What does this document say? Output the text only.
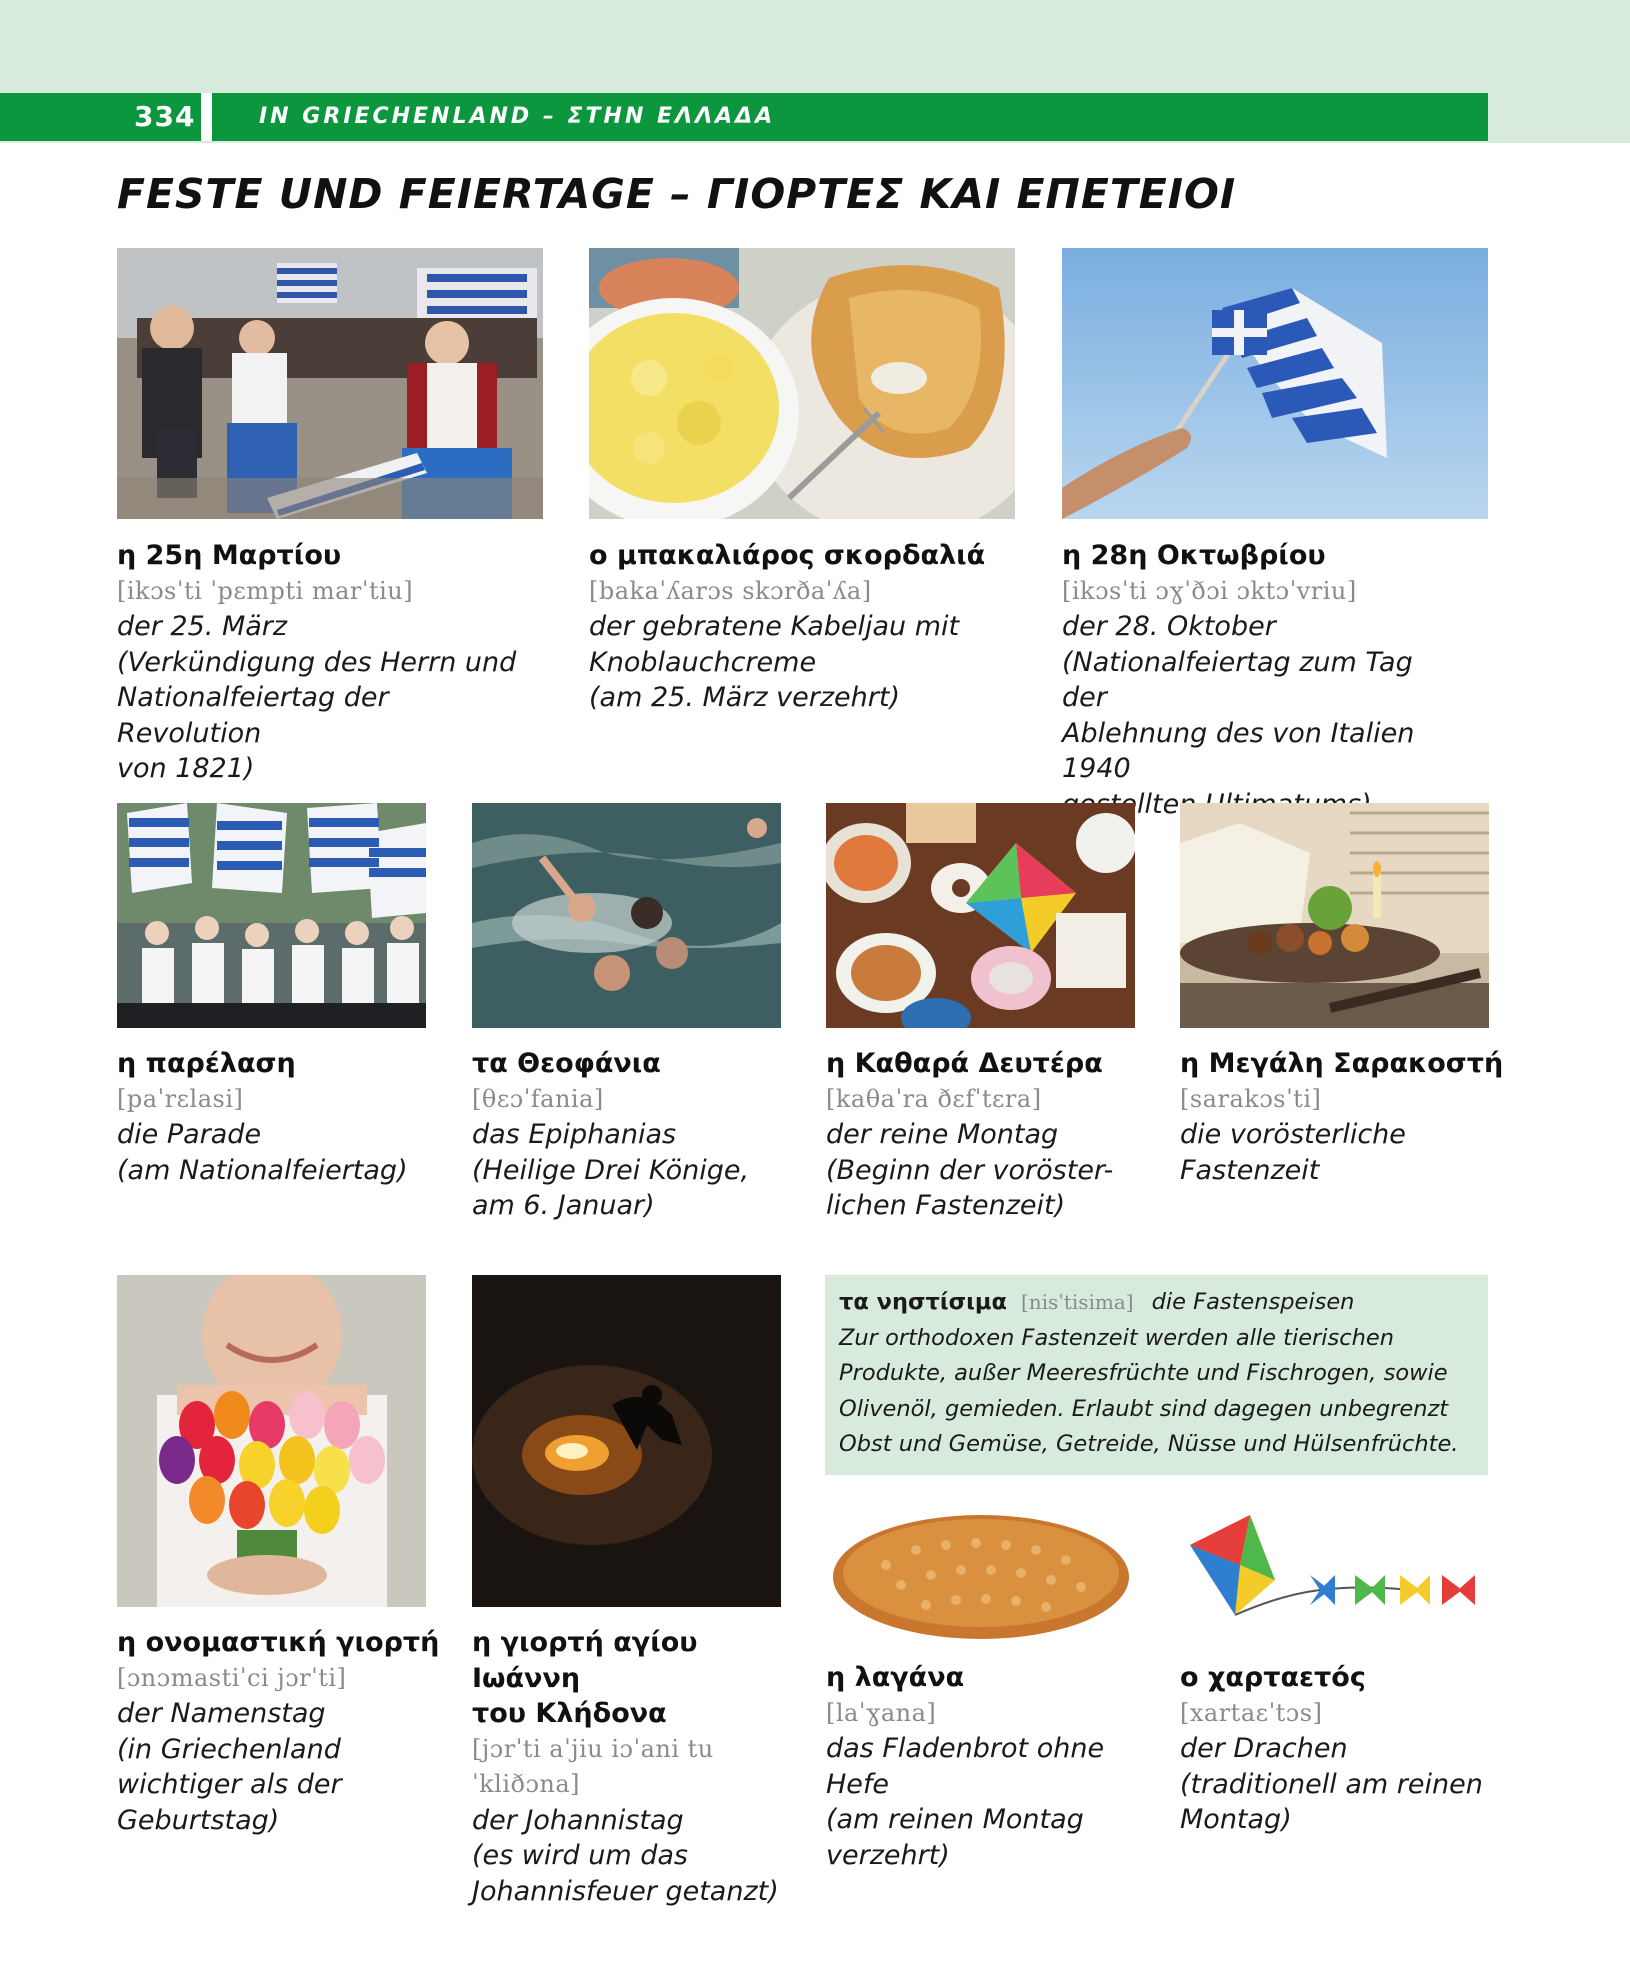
334	IN GRIECHENLAND – ΣΤΗΝ ΕΛΛΑΔΑ
FESTE UND FEIERTAGE – ΓΙΟΡΤΕΣ ΚΑΙ ΕΠΕΤΕΙΟΙ
η 25η Μαρτίου
[ikɔsˈti ˈpɛmpti marˈtiu]
der 25. März
(Verkündigung des Herrn und
Nationalfeiertag der Revolution
von 1821)
ο μπακαλιάρος σκορδαλιά
[bakaˈʎarɔs skɔrðaˈʎa]
der gebratene Kabeljau mit
Knoblauchcreme
(am 25. März verzehrt)
η 28η Οκτωβρίου
[ikɔsˈti ɔɣˈðɔi ɔktɔˈvriu]
der 28. Oktober
(Nationalfeiertag zum Tag der
Ablehnung des von Italien 1940
η παρέλαση
[paˈrɛlasi]
die Parade
(am Nationalfeiertag)
τα Θεοφάνια
[θɛɔˈfania]
das Epiphanias
(Heilige Drei Könige,
am 6. Januar)
η Καθαρά Δευτέρα
[kaθaˈra ðɛfˈtɛra]
der reine Montag
(Beginn der voröster-
lichen Fastenzeit)
η Μεγάλη Σαρακοστή
[sarakɔsˈti]
die vorösterliche
Fastenzeit
η ονομαστική γιορτή
[ɔnɔmastiˈci jɔrˈti]
der Namenstag
(in Griechenland
wichtiger als der
Geburtstag)
η γιορτή αγίου Ιωάννη
του Κλήδονα
[jɔrˈti aˈjiu iɔˈani tu
ˈkliðɔna]
der Johannistag
(es wird um das
Johannisfeuer getanzt)
τα νηστίσιμα [nisˈtisima] die Fastenspeisen
Zur orthodoxen Fastenzeit werden alle tierischen
Produkte, außer Meeresfrüchte und Fischrogen, sowie
Olivenöl, gemieden. Erlaubt sind dagegen unbegrenzt
Obst und Gemüse, Getreide, Nüsse und Hülsenfrüchte.
η λαγάνα
[laˈɣana]
das Fladenbrot ohne
Hefe
(am reinen Montag
verzehrt)
ο χαρταετός
[xartaɛˈtɔs]
der Drachen
(traditionell am reinen
Montag)
